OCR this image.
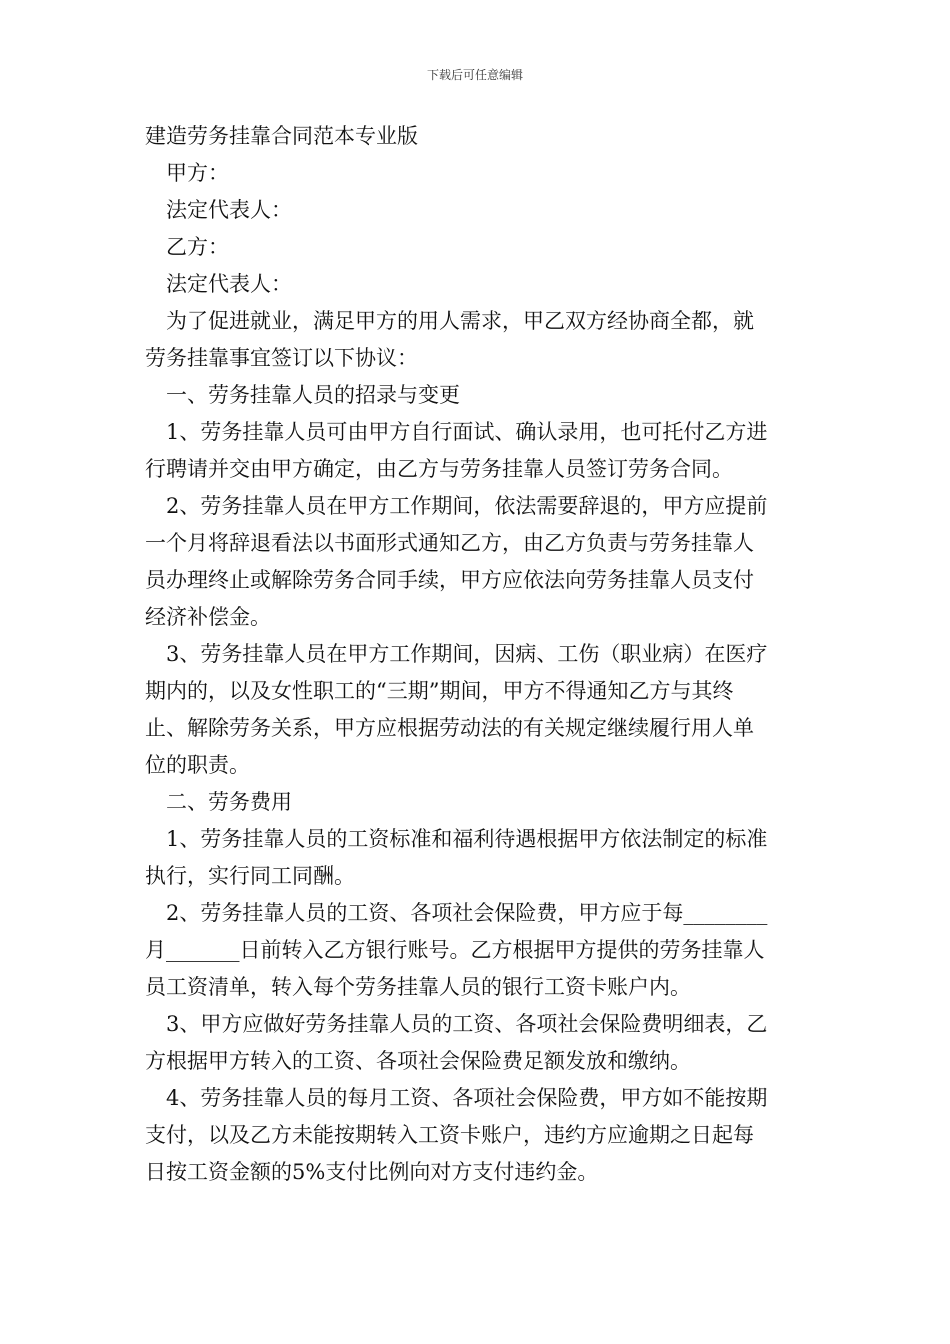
下载后可任意编辑
建造劳务挂靠合同范本专业版
甲方：
法定代表人：
乙方：
法定代表人：
为了促进就业，满足甲方的用人需求，甲乙双方经协商全都，就
劳务挂靠事宜签订以下协议：
一、劳务挂靠人员的招录与变更
1、劳务挂靠人员可由甲方自行面试、确认录用，也可托付乙方进
行聘请并交由甲方确定，由乙方与劳务挂靠人员签订劳务合同。
2、劳务挂靠人员在甲方工作期间，依法需要辞退的，甲方应提前
一个月将辞退看法以书面形式通知乙方，由乙方负责与劳务挂靠人
员办理终止或解除劳务合同手续，甲方应依法向劳务挂靠人员支付
经济补偿金。
3、劳务挂靠人员在甲方工作期间，因病、工伤（职业病）在医疗
期内的，以及女性职工的“三期”期间，甲方不得通知乙方与其终
止、解除劳务关系，甲方应根据劳动法的有关规定继续履行用人单
位的职责。
二、劳务费用
1、劳务挂靠人员的工资标准和福利待遇根据甲方依法制定的标准
执行，实行同工同酬。
2、劳务挂靠人员的工资、各项社会保险费，甲方应于每________
月_______日前转入乙方银行账号。乙方根据甲方提供的劳务挂靠人
员工资清单，转入每个劳务挂靠人员的银行工资卡账户内。
3、甲方应做好劳务挂靠人员的工资、各项社会保险费明细表，乙
方根据甲方转入的工资、各项社会保险费足额发放和缴纳。
4、劳务挂靠人员的每月工资、各项社会保险费，甲方如不能按期
支付，以及乙方未能按期转入工资卡账户，违约方应逾期之日起每
日按工资金额的5%支付比例向对方支付违约金。
